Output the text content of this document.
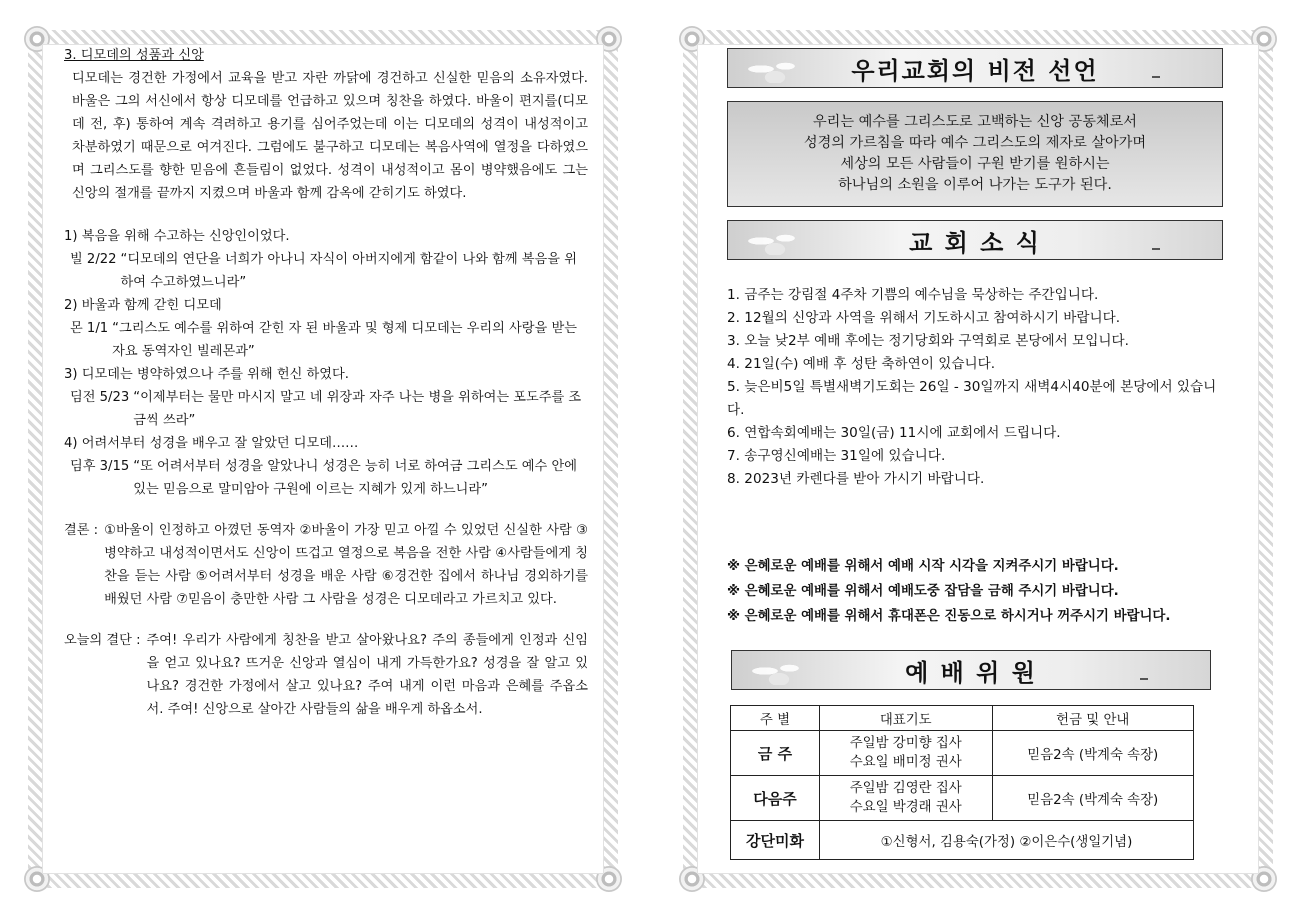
3. 디모데의 성품과 신앙

디모데는 경건한 가정에서 교육을 받고 자란 까닭에 경건하고 신실한 믿음의 소유자였다. 바울은 그의 서신에서 항상 디모데를 언급하고 있으며 칭찬을 하였다. 바울이 편지를(디모데 전, 후) 통하여 계속 격려하고 용기를 심어주었는데 이는 디모데의 성격이 내성적이고 차분하였기 때문으로 여겨진다. 그럼에도 불구하고 디모데는 복음사역에 열정을 다하였으며 그리스도를 향한 믿음에 흔들림이 없었다. 성격이 내성적이고 몸이 병약했음에도 그는 신앙의 절개를 끝까지 지켰으며 바울과 함께 감옥에 갇히기도 하였다.

1) 복음을 위해 수고하는 신앙인이었다.
빌 2/22 “디모데의 연단을 너희가 아나니 자식이 아버지에게 함같이 나와 함께 복음을 위하여 수고하였느니라”
2) 바울과 함께 갇힌 디모데
몬 1/1 “그리스도 예수를 위하여 갇힌 자 된 바울과 및 형제 디모데는 우리의 사랑을 받는 자요 동역자인 빌레몬과”
3) 디모데는 병약하였으나 주를 위해 헌신 하였다.
딤전 5/23 “이제부터는 물만 마시지 말고 네 위장과 자주 나는 병을 위하여는 포도주를 조금씩 쓰라”
4) 어려서부터 성경을 배우고 잘 알았던 디모데……
딤후 3/15 “또 어려서부터 성경을 알았나니 성경은 능히 너로 하여금 그리스도 예수 안에 있는 믿음으로 말미암아 구원에 이르는 지혜가 있게 하느니라”
결론 : ①바울이 인정하고 아꼈던 동역자 ②바울이 가장 믿고 아낄 수 있었던 신실한 사람 ③병약하고 내성적이면서도 신앙이 뜨겁고 열정으로 복음을 전한 사람 ④사람들에게 칭찬을 듣는 사람 ⑤어려서부터 성경을 배운 사람 ⑥경건한 집에서 하나님 경외하기를 배웠던 사람 ⑦믿음이 충만한 사람 그 사람을 성경은 디모데라고 가르치고 있다.
오늘의 결단 : 주여! 우리가 사람에게 칭찬을 받고 살아왔나요? 주의 종들에게 인정과 신임을 얻고 있나요? 뜨거운 신앙과 열심이 내게 가득한가요? 성경을 잘 알고 있나요? 경건한 가정에서 살고 있나요? 주여 내게 이런 마음과 은혜를 주옵소서. 주여! 신앙으로 살아간 사람들의 삶을 배우게 하옵소서.
우리교회의 비전 선언
우리는 예수를 그리스도로 고백하는 신앙 공동체로서
성경의 가르침을 따라 예수 그리스도의 제자로 살아가며
세상의 모든 사람들이 구원 받기를 원하시는
하나님의 소원을 이루어 나가는 도구가 된다.
교 회 소 식

1. 금주는 강림절 4주차 기쁨의 예수님을 묵상하는 주간입니다.

2. 12월의 신앙과 사역을 위해서 기도하시고 참여하시기 바랍니다.

3. 오늘 낮2부 예배 후에는 정기당회와 구역회로 본당에서 모입니다.

4. 21일(수) 예배 후 성탄 축하연이 있습니다.

5. 늦은비5일 특별새벽기도회는 26일 - 30일까지 새벽4시40분에 본당에서 있습니다.

6. 연합속회예배는 30일(금) 11시에 교회에서 드립니다.

7. 송구영신예배는 31일에 있습니다.

8. 2023년 카렌다를 받아 가시기 바랍니다.

※ 은혜로운 예배를 위해서 예배 시작 시각을 지켜주시기 바랍니다.
※ 은혜로운 예배를 위해서 예배도중 잡담을 금해 주시기 바랍니다.
※ 은혜로운 예배를 위해서 휴대폰은 진동으로 하시거나 꺼주시기 바랍니다.
예 배 위 원
주 별	대표기도	헌금 및 안내
금 주	주일밤 강미향 집사
수요일 배미정 권사	믿음2속 (박계숙 속장)
다음주	주일밤 김영란 집사
수요일 박경래 권사	믿음2속 (박계숙 속장)
강단미화	①신형서, 김용숙(가정) ②이은수(생일기념)	
